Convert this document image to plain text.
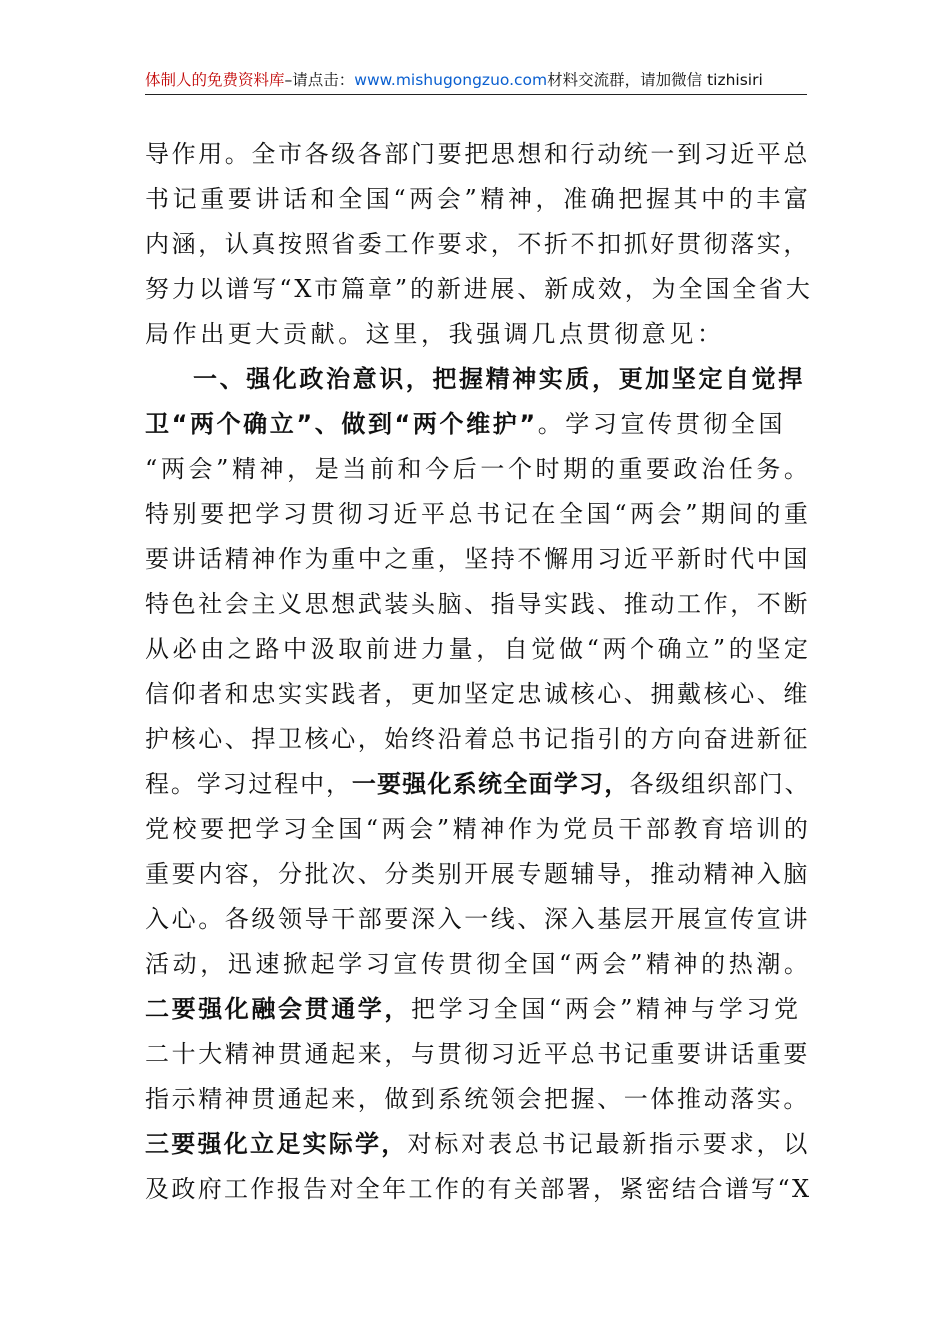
体制人的免费资料库–请点击：www.mishugongzuo.com材料交流群，请加微信 tizhisiri
导作用。全市各级各部门要把思想和行动统一到习近平总
书记重要讲话和全国“两会”精神，准确把握其中的丰富
内涵，认真按照省委工作要求，不折不扣抓好贯彻落实，
努力以谱写“X市篇章”的新进展、新成效，为全国全省大
局作出更大贡献。这里，我强调几点贯彻意见：
一、强化政治意识，把握精神实质，更加坚定自觉捍
卫“两个确立”、做到“两个维护”。学习宣传贯彻全国
“两会”精神，是当前和今后一个时期的重要政治任务。
特别要把学习贯彻习近平总书记在全国“两会”期间的重
要讲话精神作为重中之重，坚持不懈用习近平新时代中国
特色社会主义思想武装头脑、指导实践、推动工作，不断
从必由之路中汲取前进力量，自觉做“两个确立”的坚定
信仰者和忠实实践者，更加坚定忠诚核心、拥戴核心、维
护核心、捍卫核心，始终沿着总书记指引的方向奋进新征
程。学习过程中，一要强化系统全面学习，各级组织部门、
党校要把学习全国“两会”精神作为党员干部教育培训的
重要内容，分批次、分类别开展专题辅导，推动精神入脑
入心。各级领导干部要深入一线、深入基层开展宣传宣讲
活动，迅速掀起学习宣传贯彻全国“两会”精神的热潮。
二要强化融会贯通学，把学习全国“两会”精神与学习党
二十大精神贯通起来，与贯彻习近平总书记重要讲话重要
指示精神贯通起来，做到系统领会把握、一体推动落实。
三要强化立足实际学，对标对表总书记最新指示要求，以
及政府工作报告对全年工作的有关部署，紧密结合谱写“X
